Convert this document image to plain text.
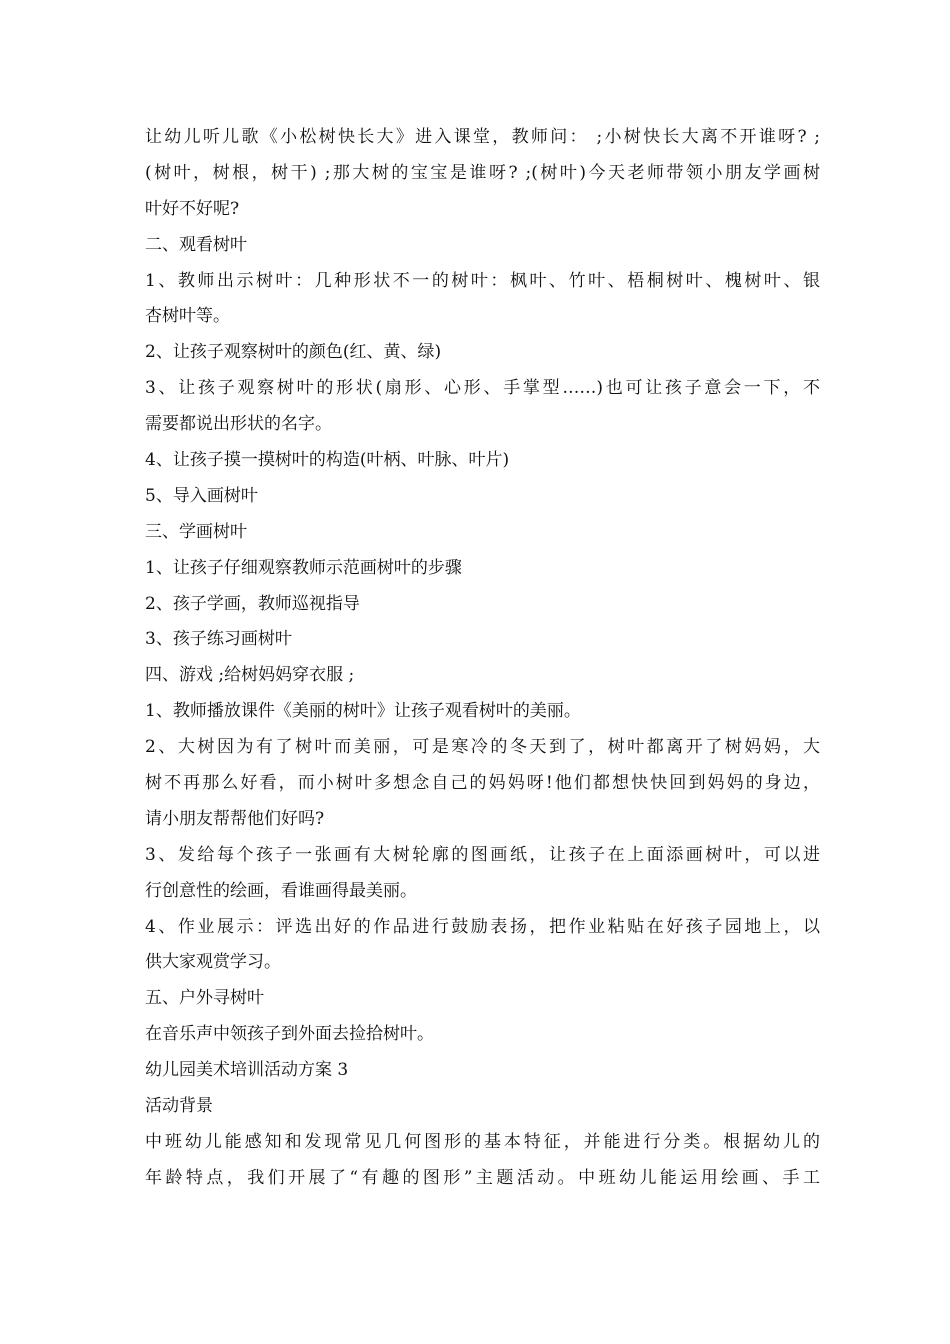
让幼儿听儿歌《小松树快长大》进入课堂，教师问： ;小树快长大离不开谁呀? ;
(树叶，树根，树干) ;那大树的宝宝是谁呀? ;(树叶)今天老师带领小朋友学画树
叶好不好呢?
二、观看树叶
1、教师出示树叶：几种形状不一的树叶：枫叶、竹叶、梧桐树叶、槐树叶、银
杏树叶等。
2、让孩子观察树叶的颜色(红、黄、绿)
3、让孩子观察树叶的形状(扇形、心形、手掌型……)也可让孩子意会一下，不
需要都说出形状的名字。
4、让孩子摸一摸树叶的构造(叶柄、叶脉、叶片)
5、导入画树叶
三、学画树叶
1、让孩子仔细观察教师示范画树叶的步骤
2、孩子学画，教师巡视指导
3、孩子练习画树叶
四、游戏 ;给树妈妈穿衣服 ;
1、教师播放课件《美丽的树叶》让孩子观看树叶的美丽。
2、大树因为有了树叶而美丽，可是寒冷的冬天到了，树叶都离开了树妈妈，大
树不再那么好看，而小树叶多想念自己的妈妈呀!他们都想快快回到妈妈的身边，
请小朋友帮帮他们好吗?
3、发给每个孩子一张画有大树轮廓的图画纸，让孩子在上面添画树叶，可以进
行创意性的绘画，看谁画得最美丽。
4、作业展示：评选出好的作品进行鼓励表扬，把作业粘贴在好孩子园地上，以
供大家观赏学习。
五、户外寻树叶
在音乐声中领孩子到外面去捡拾树叶。
幼儿园美术培训活动方案 3
活动背景
中班幼儿能感知和发现常见几何图形的基本特征，并能进行分类。根据幼儿的
年龄特点，我们开展了“有趣的图形”主题活动。中班幼儿能运用绘画、手工
